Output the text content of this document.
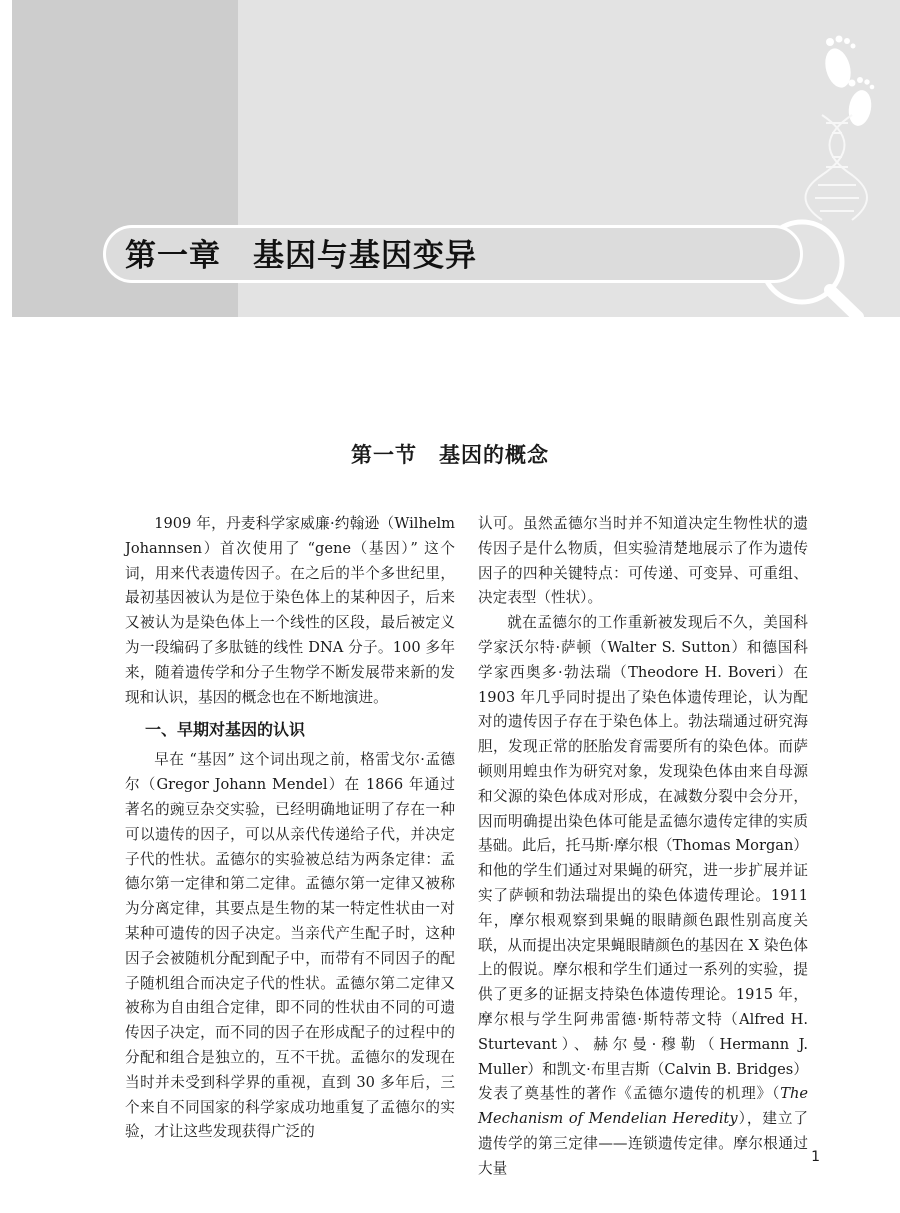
第一章 基因与基因变异
第一节 基因的概念

1909 年，丹麦科学家威廉·约翰逊（Wilhelm Johannsen）首次使用了 “gene（基因）” 这个词，用来代表遗传因子。在之后的半个多世纪里，最初基因被认为是位于染色体上的某种因子，后来又被认为是染色体上一个线性的区段，最后被定义为一段编码了多肽链的线性 DNA 分子。100 多年来，随着遗传学和分子生物学不断发展带来新的发现和认识，基因的概念也在不断地演进。

一、早期对基因的认识

早在 “基因” 这个词出现之前，格雷戈尔·孟德尔（Gregor Johann Mendel）在 1866 年通过著名的豌豆杂交实验，已经明确地证明了存在一种可以遗传的因子，可以从亲代传递给子代，并决定子代的性状。孟德尔的实验被总结为两条定律：孟德尔第一定律和第二定律。孟德尔第一定律又被称为分离定律，其要点是生物的某一特定性状由一对某种可遗传的因子决定。当亲代产生配子时，这种因子会被随机分配到配子中，而带有不同因子的配子随机组合而决定子代的性状。孟德尔第二定律又被称为自由组合定律，即不同的性状由不同的可遗传因子决定，而不同的因子在形成配子的过程中的分配和组合是独立的，互不干扰。孟德尔的发现在当时并未受到科学界的重视，直到 30 多年后，三个来自不同国家的科学家成功地重复了孟德尔的实验，才让这些发现获得广泛的

认可。虽然孟德尔当时并不知道决定生物性状的遗传因子是什么物质，但实验清楚地展示了作为遗传因子的四种关键特点：可传递、可变异、可重组、决定表型（性状）。

就在孟德尔的工作重新被发现后不久，美国科学家沃尔特·萨顿（Walter S. Sutton）和德国科学家西奥多·勃法瑞（Theodore H. Boveri）在 1903 年几乎同时提出了染色体遗传理论，认为配对的遗传因子存在于染色体上。勃法瑞通过研究海胆，发现正常的胚胎发育需要所有的染色体。而萨顿则用蝗虫作为研究对象，发现染色体由来自母源和父源的染色体成对形成，在减数分裂中会分开，因而明确提出染色体可能是孟德尔遗传定律的实质基础。此后，托马斯·摩尔根（Thomas Morgan）和他的学生们通过对果蝇的研究，进一步扩展并证实了萨顿和勃法瑞提出的染色体遗传理论。1911 年，摩尔根观察到果蝇的眼睛颜色跟性别高度关联，从而提出决定果蝇眼睛颜色的基因在 X 染色体上的假说。摩尔根和学生们通过一系列的实验，提供了更多的证据支持染色体遗传理论。1915 年，摩尔根与学生阿弗雷德·斯特蒂文特（Alfred H. Sturtevant）、赫尔曼·穆勒（Hermann J. Muller）和凯文·布里吉斯（Calvin B. Bridges）发表了奠基性的著作《孟德尔遗传的机理》（The Mechanism of Mendelian Heredity），建立了遗传学的第三定律——连锁遗传定律。摩尔根通过大量

1
